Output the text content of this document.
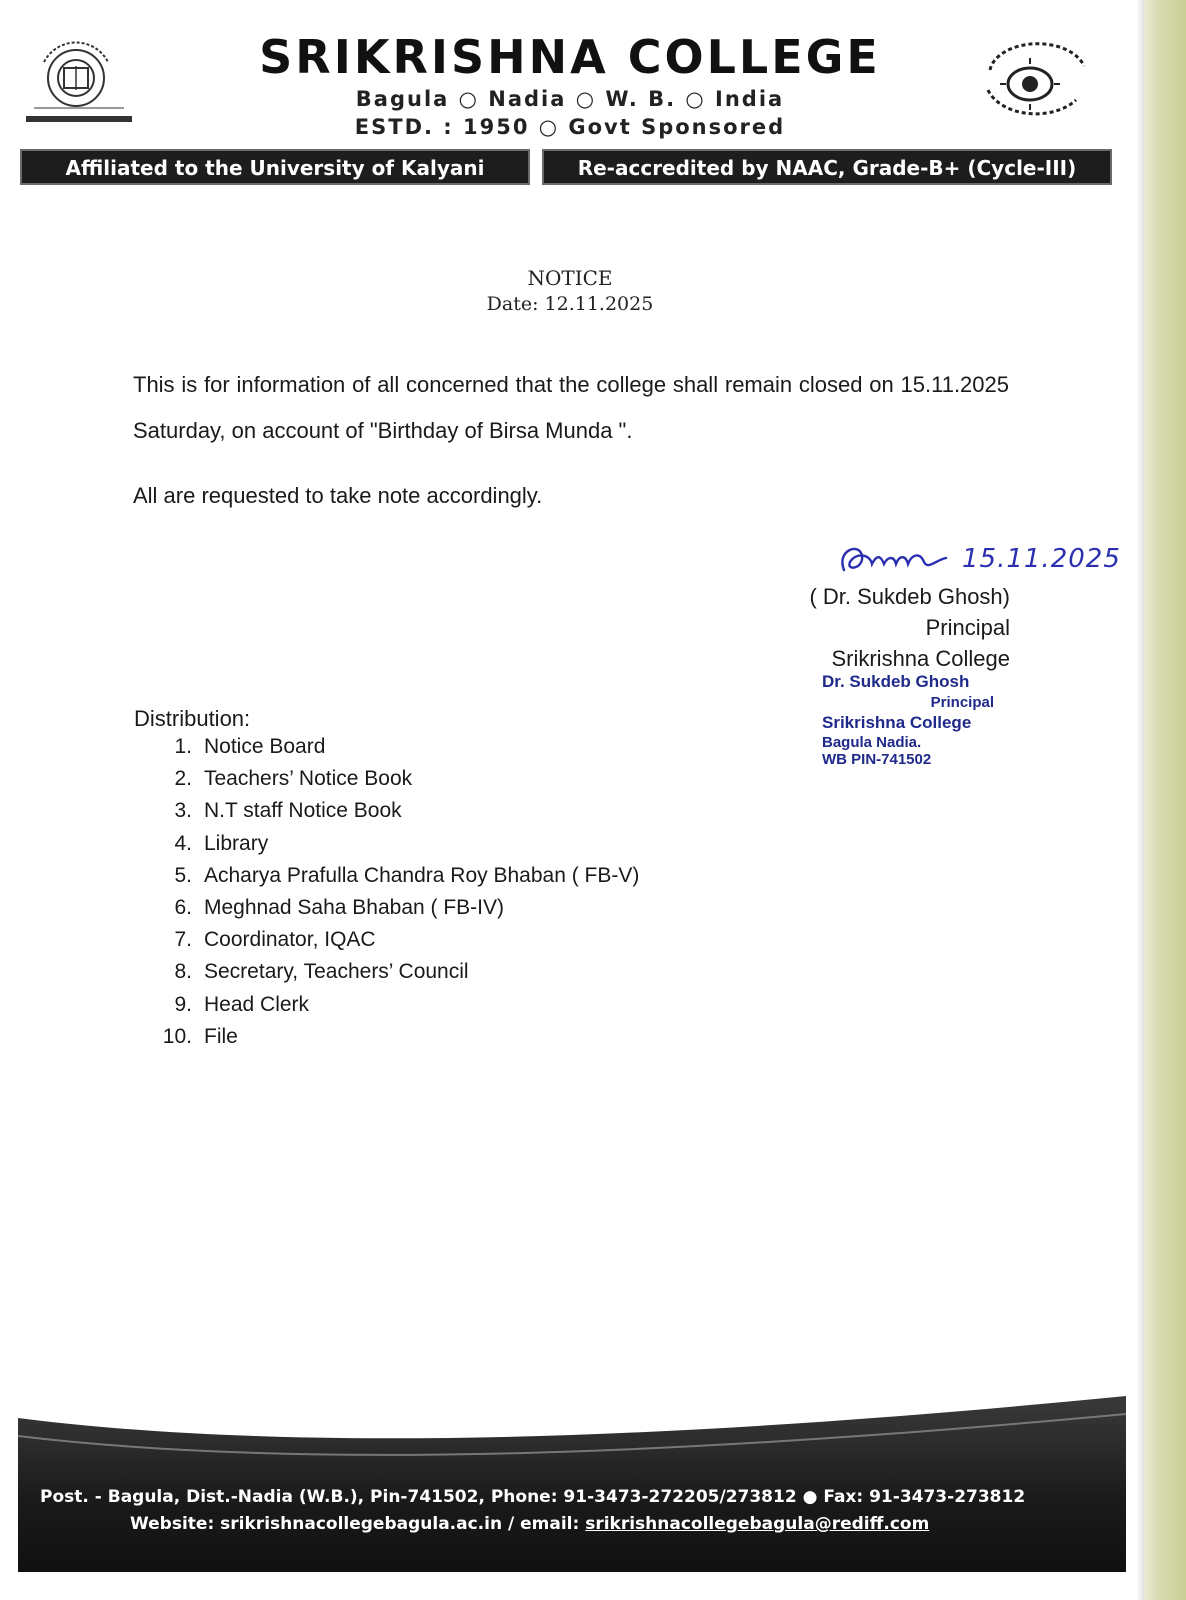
SRIKRISHNA COLLEGE
Bagula ○ Nadia ○ W. B. ○ India
ESTD. : 1950 ○ Govt Sponsored
Affiliated to the University of Kalyani	Re-accredited by NAAC, Grade-B+ (Cycle-III)
NOTICE
Date: 12.11.2025
This is for information of all concerned that the college shall remain closed on 15.11.2025 Saturday, on account of "Birthday of Birsa Munda ".
All are requested to take note accordingly.
15.11.2025
( Dr. Sukdeb Ghosh)
Principal
Srikrishna College
Dr. Sukdeb Ghosh
Principal
Srikrishna College
Bagula Nadia.
WB PIN-741502
Distribution:
1. Notice Board
2. Teachers’ Notice Book
3. N.T staff Notice Book
4. Library
5. Acharya Prafulla Chandra Roy Bhaban ( FB-V)
6. Meghnad Saha Bhaban ( FB-IV)
7. Coordinator, IQAC
8. Secretary, Teachers’ Council
9. Head Clerk
10. File
Post. - Bagula, Dist.-Nadia (W.B.), Pin-741502, Phone: 91-3473-272205/273812 ● Fax: 91-3473-273812
Website: srikrishnacollegebagula.ac.in / email: srikrishnacollegebagula@rediff.com
